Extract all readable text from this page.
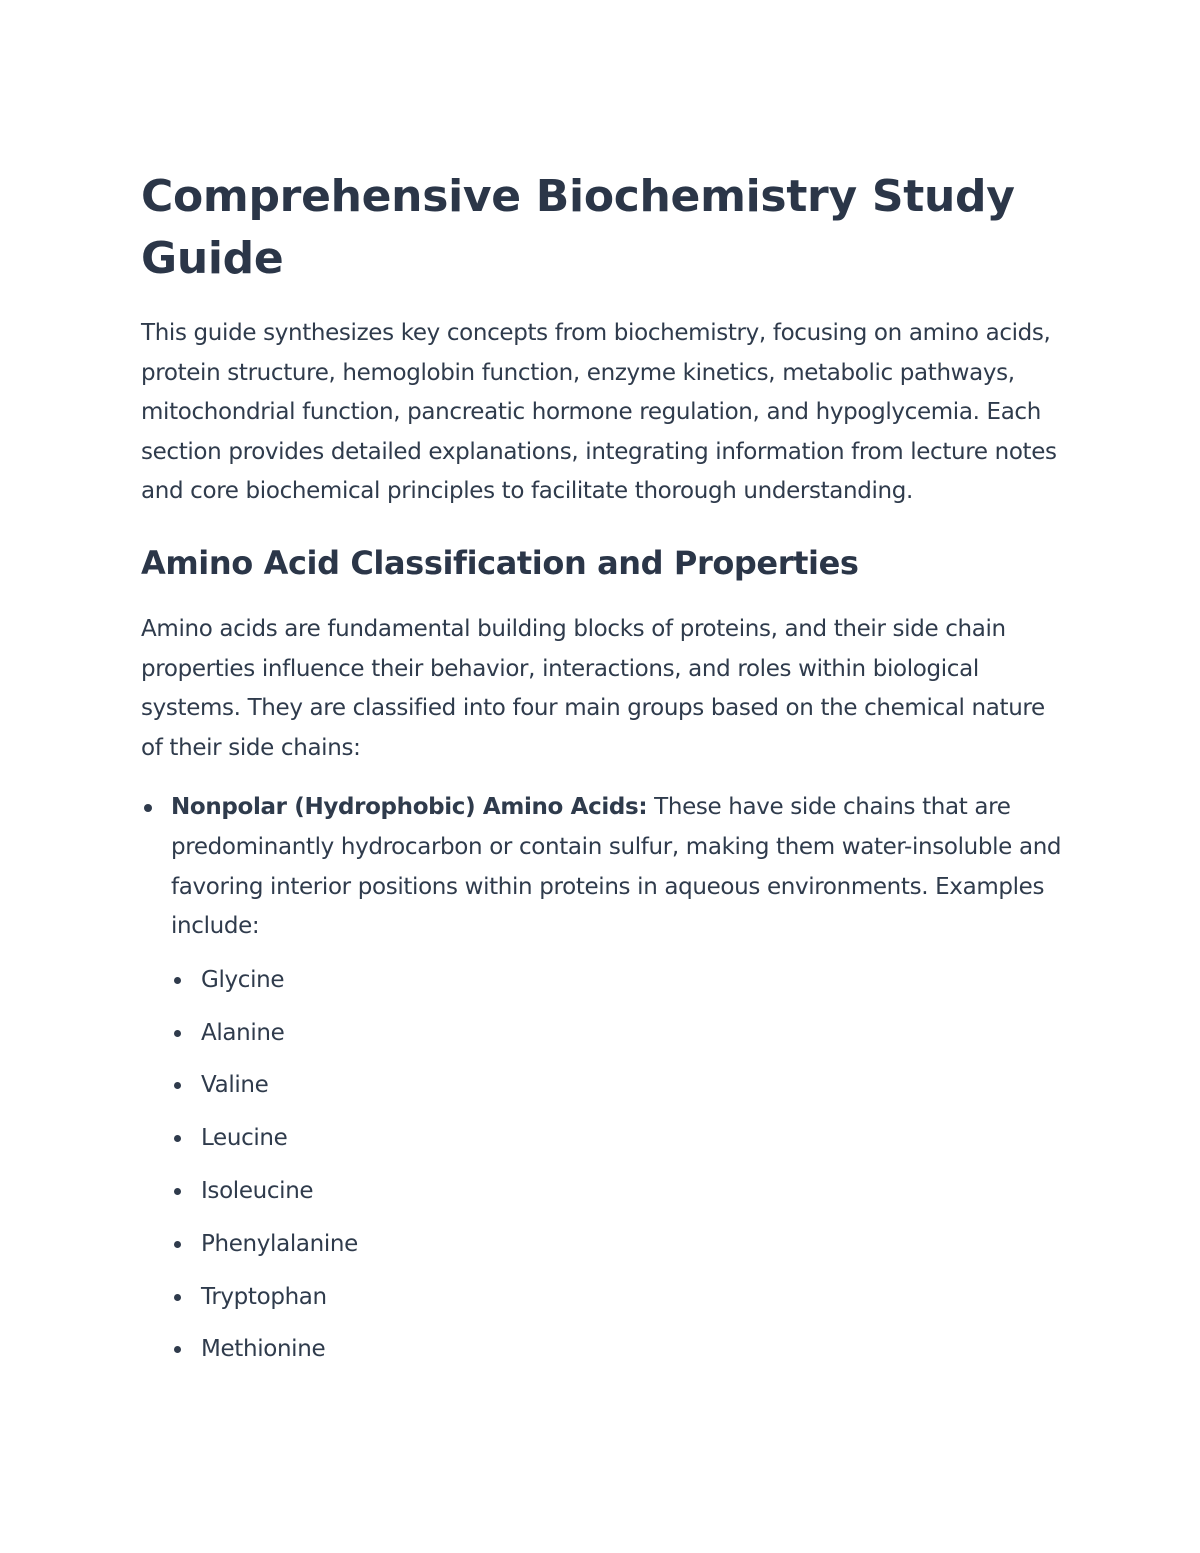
Comprehensive Biochemistry Study Guide

This guide synthesizes key concepts from biochemistry, focusing on amino acids, protein structure, hemoglobin function, enzyme kinetics, metabolic pathways, mitochondrial function, pancreatic hormone regulation, and hypoglycemia. Each section provides detailed explanations, integrating information from lecture notes and core biochemical principles to facilitate thorough understanding.

Amino Acid Classification and Properties

Amino acids are fundamental building blocks of proteins, and their side chain properties influence their behavior, interactions, and roles within biological systems. They are classified into four main groups based on the chemical nature of their side chains:

Nonpolar (Hydrophobic) Amino Acids: These have side chains that are predominantly hydrocarbon or contain sulfur, making them water-insoluble and favoring interior positions within proteins in aqueous environments. Examples include:
Glycine
Alanine
Valine
Leucine
Isoleucine
Phenylalanine
Tryptophan
Methionine
